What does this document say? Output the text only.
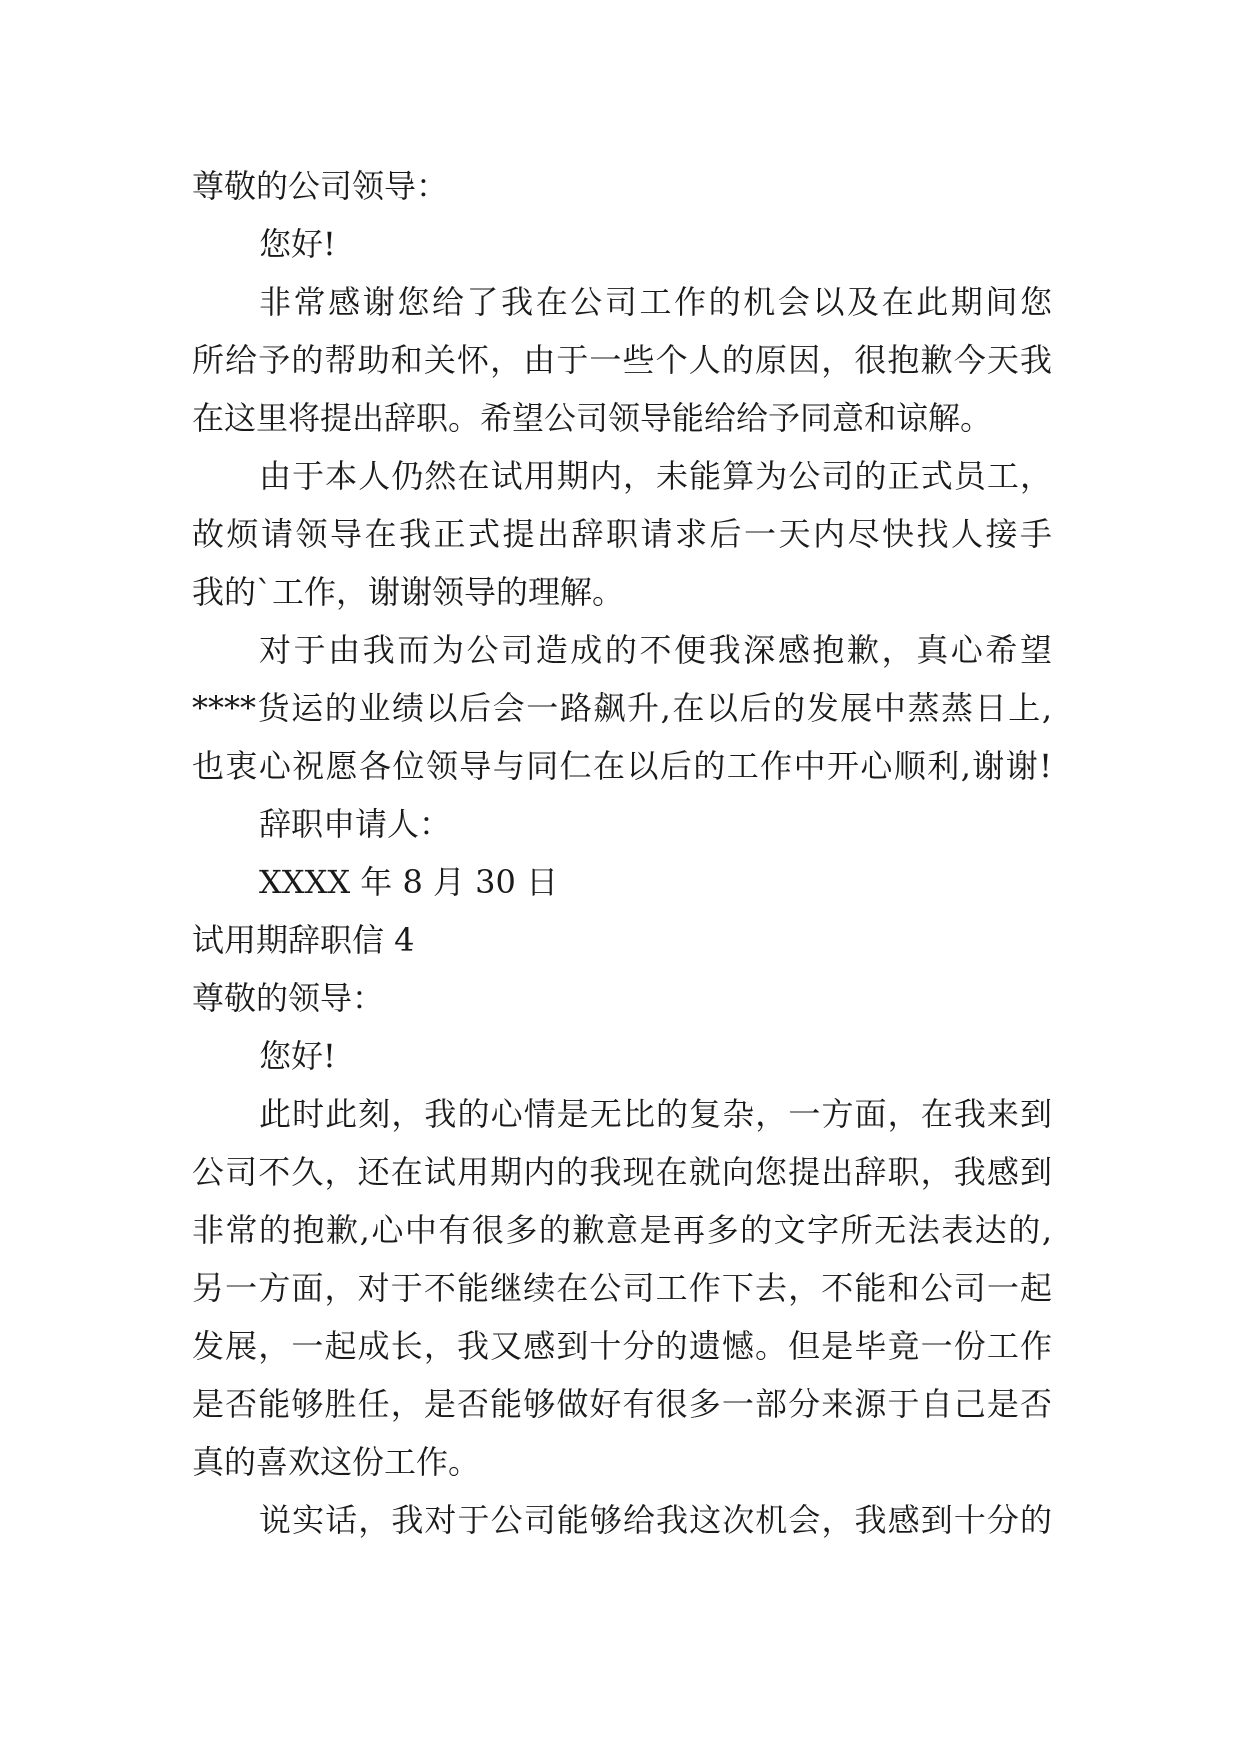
尊敬的公司领导：
您好!
非常感谢您给了我在公司工作的机会以及在此期间您
所给予的帮助和关怀，由于一些个人的原因，很抱歉今天我
在这里将提出辞职。希望公司领导能给给予同意和谅解。
由于本人仍然在试用期内，未能算为公司的正式员工，
故烦请领导在我正式提出辞职请求后一天内尽快找人接手
我的`工作，谢谢领导的理解。
对于由我而为公司造成的不便我深感抱歉，真心希望
****货运的业绩以后会一路飙升,在以后的发展中蒸蒸日上,
也衷心祝愿各位领导与同仁在以后的工作中开心顺利,谢谢!
辞职申请人：
XXXX 年 8 月 30 日
试用期辞职信 4
尊敬的领导：
您好!
此时此刻，我的心情是无比的复杂，一方面，在我来到
公司不久，还在试用期内的我现在就向您提出辞职，我感到
非常的抱歉,心中有很多的歉意是再多的文字所无法表达的,
另一方面，对于不能继续在公司工作下去，不能和公司一起
发展，一起成长，我又感到十分的遗憾。但是毕竟一份工作
是否能够胜任，是否能够做好有很多一部分来源于自己是否
真的喜欢这份工作。
说实话，我对于公司能够给我这次机会，我感到十分的
